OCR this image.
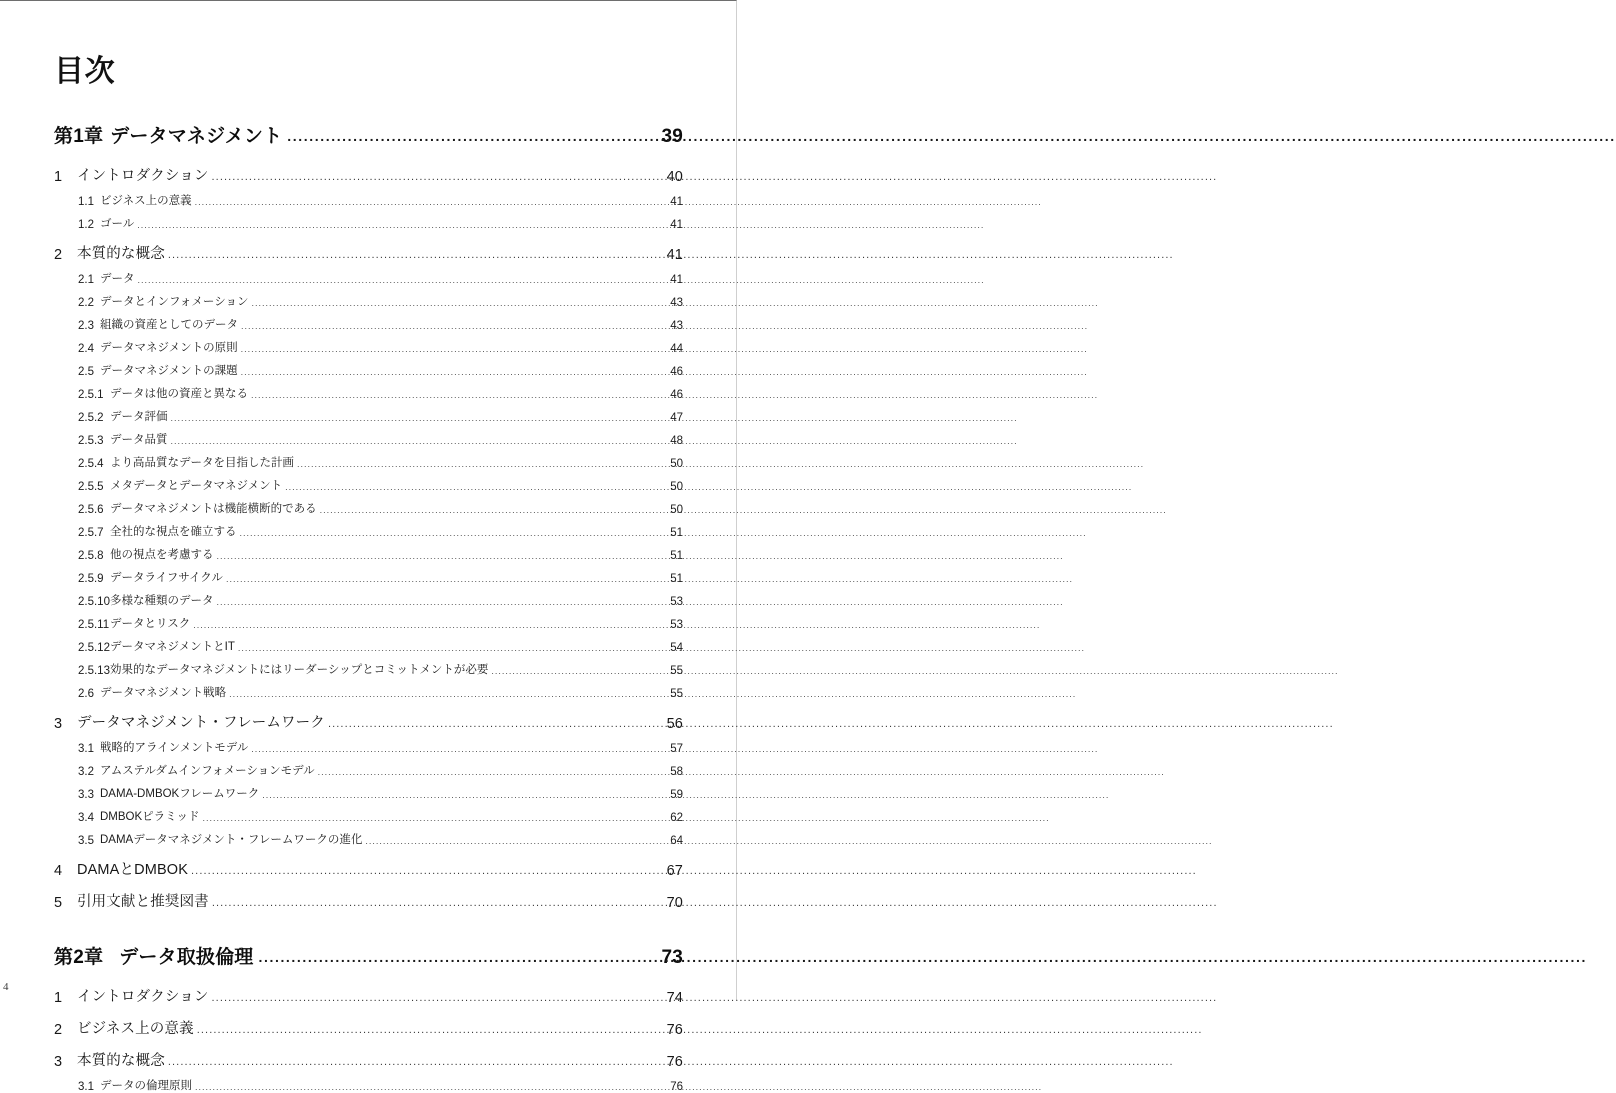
目次
第1章 データマネジメント .....	39
1	イントロダクション .....	40
1.1 ビジネス上の意義 .....	41
1.2 ゴール .....	41
2	本質的な概念 .....	41
2.1 データ .....	41
2.2 データとインフォメーション .....	43
2.3 組織の資産としてのデータ .....	43
2.4 データマネジメントの原則 .....	44
2.5 データマネジメントの課題 .....	46
2.5.1 データは他の資産と異なる .....	46
2.5.2 データ評価 .....	47
2.5.3 データ品質 .....	48
2.5.4 より高品質なデータを目指した計画 .....	50
2.5.5 メタデータとデータマネジメント .....	50
2.5.6 データマネジメントは機能横断的である .....	50
2.5.7 全社的な視点を確立する .....	51
2.5.8 他の視点を考慮する .....	51
2.5.9 データライフサイクル .....	51
2.5.10 多様な種類のデータ .....	53
2.5.11 データとリスク .....	53
2.5.12 データマネジメントとIT .....	54
2.5.13 効果的なデータマネジメントにはリーダーシップとコミットメントが必要 .....	55
2.6 データマネジメント戦略 .....	55
3	データマネジメント・フレームワーク .....	56
3.1 戦略的アラインメントモデル .....	57
3.2 アムステルダムインフォメーションモデル .....	58
3.3 DAMA-DMBOKフレームワーク .....	59
3.4 DMBOKピラミッド .....	62
3.5 DAMAデータマネジメント・フレームワークの進化 .....	64
4	DAMAとDMBOK .....	67
5	引用文献と推奨図書 .....	70
第2章 データ取扱倫理 .....	73
1	イントロダクション .....	74
2	ビジネス上の意義 .....	76
3	本質的な概念 .....	76
3.1 データの倫理原則 .....	76
4
